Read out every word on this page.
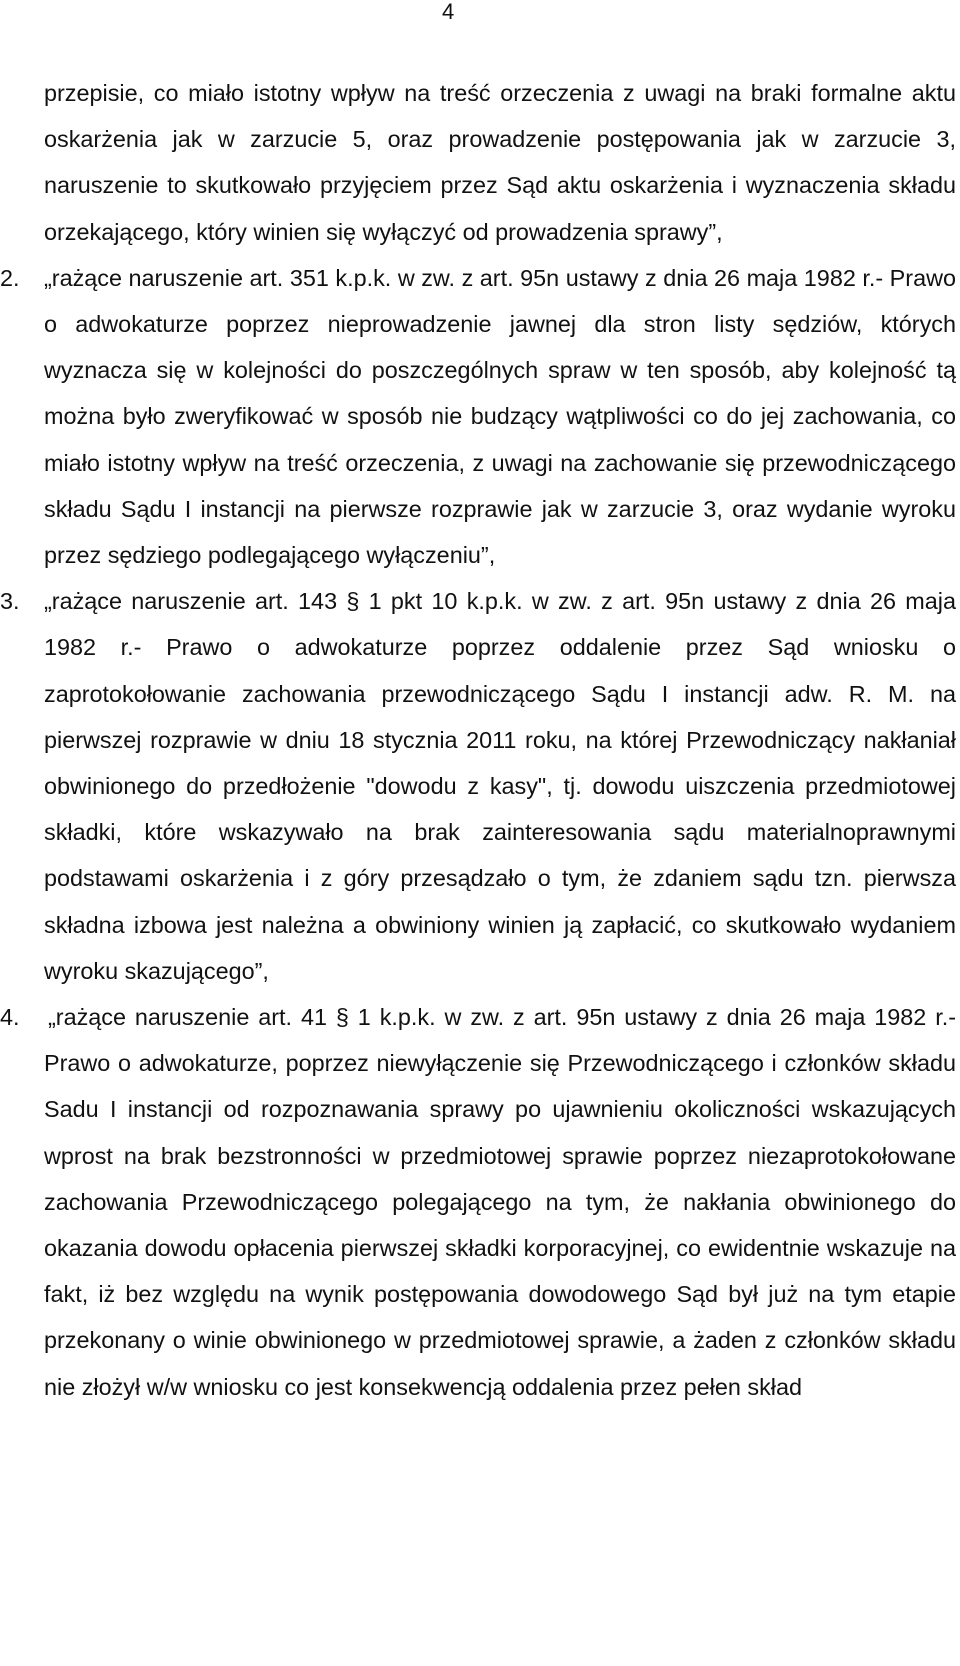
4

przepisie, co miało istotny wpływ na treść orzeczenia z uwagi na braki formalne aktu oskarżenia jak w zarzucie 5, oraz prowadzenie postępowania jak w zarzucie 3, naruszenie to skutkowało przyjęciem przez Sąd aktu oskarżenia i wyznaczenia składu orzekającego, który winien się wyłączyć od prowadzenia sprawy”,

2. „rażące naruszenie art. 351 k.p.k. w zw. z art. 95n ustawy z dnia 26 maja 1982 r.- Prawo o adwokaturze poprzez nieprowadzenie jawnej dla stron listy sędziów, których wyznacza się w kolejności do poszczególnych spraw w ten sposób, aby kolejność tą można było zweryfikować w sposób nie budzący wątpliwości co do jej zachowania, co miało istotny wpływ na treść orzeczenia, z uwagi na zachowanie się przewodniczącego składu Sądu I instancji na pierwsze rozprawie jak w zarzucie 3, oraz wydanie wyroku przez sędziego podlegającego wyłączeniu”,

3. „rażące naruszenie art. 143 § 1 pkt 10 k.p.k. w zw. z art. 95n ustawy z dnia 26 maja 1982 r.- Prawo o adwokaturze poprzez oddalenie przez Sąd wniosku o zaprotokołowanie zachowania przewodniczącego Sądu I instancji adw. R. M. na pierwszej rozprawie w dniu 18 stycznia 2011 roku, na której Przewodniczący nakłaniał obwinionego do przedłożenie "dowodu z kasy", tj. dowodu uiszczenia przedmiotowej składki, które wskazywało na brak zainteresowania sądu materialnoprawnymi podstawami oskarżenia i z góry przesądzało o tym, że zdaniem sądu tzn. pierwsza składna izbowa jest należna a obwiniony winien ją zapłacić, co skutkowało wydaniem wyroku skazującego”,

4. „rażące naruszenie art. 41 § 1 k.p.k. w zw. z art. 95n ustawy z dnia 26 maja 1982 r.- Prawo o adwokaturze, poprzez niewyłączenie się Przewodniczącego i członków składu Sadu I instancji od rozpoznawania sprawy po ujawnieniu okoliczności wskazujących wprost na brak bezstronności w przedmiotowej sprawie poprzez niezaprotokołowane zachowania Przewodniczącego polegającego na tym, że nakłania obwinionego do okazania dowodu opłacenia pierwszej składki korporacyjnej, co ewidentnie wskazuje na fakt, iż bez względu na wynik postępowania dowodowego Sąd był już na tym etapie przekonany o winie obwinionego w przedmiotowej sprawie, a żaden z członków składu nie złożył w/w wniosku co jest konsekwencją oddalenia przez pełen skład
